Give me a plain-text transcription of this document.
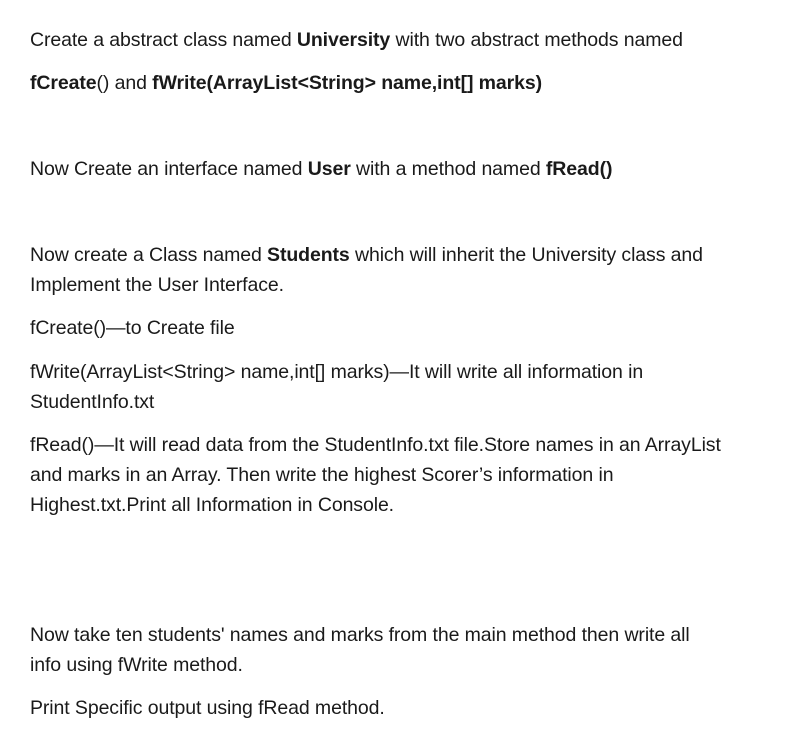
Create a abstract class named University with two abstract methods named
fCreate() and fWrite(ArrayList<String> name,int[] marks)
Now Create an interface named User with a method named fRead()
Now create a Class named Students which will inherit the University class and
Implement the User Interface.
fCreate()—to Create file
fWrite(ArrayList<String> name,int[] marks)—It will write all information in
StudentInfo.txt
fRead()—It will read data from the StudentInfo.txt file.Store names in an ArrayList
and marks in an Array. Then write the highest Scorer’s information in
Highest.txt.Print all Information in Console.
Now take ten students' names and marks from the main method then write all
info using fWrite method.
Print Specific output using fRead method.
